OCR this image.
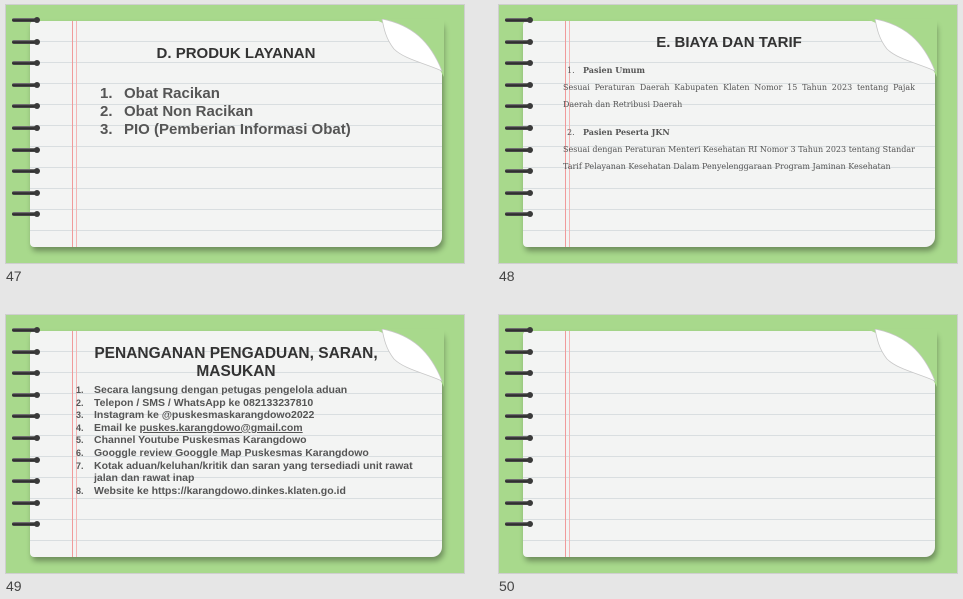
D. PRODUK LAYANAN
1. Obat Racikan
2. Obat Non Racikan
3. PIO (Pemberian Informasi Obat)
47
E. BIAYA DAN TARIF
1. Pasien Umum

Sesuai Peraturan Daerah Kabupaten Klaten Nomor 15 Tahun 2023 tentang Pajak Daerah dan Retribusi Daerah

2. Pasien Peserta JKN

Sesuai dengan Peraturan Menteri Kesehatan RI Nomor 3 Tahun 2023 tentang Standar Tarif Pelayanan Kesehatan Dalam Penyelenggaraan Program Jaminan Kesehatan

48
PENANGANAN PENGADUAN, SARAN,
MASUKAN
49
1. Secara langsung dengan petugas pengelola aduan
2. Telepon / SMS / WhatsApp ke 082133237810
3. Instagram ke @puskesmaskarangdowo2022
4. Email ke puskes.karangdowo@gmail.com
5. Channel Youtube Puskesmas Karangdowo
6. Googgle review Googgle Map Puskesmas Karangdowo
7. Kotak aduan/keluhan/kritik dan saran yang tersediadi unit rawat jalan dan rawat inap
8. Website ke https://karangdowo.dinkes.klaten.go.id
50
